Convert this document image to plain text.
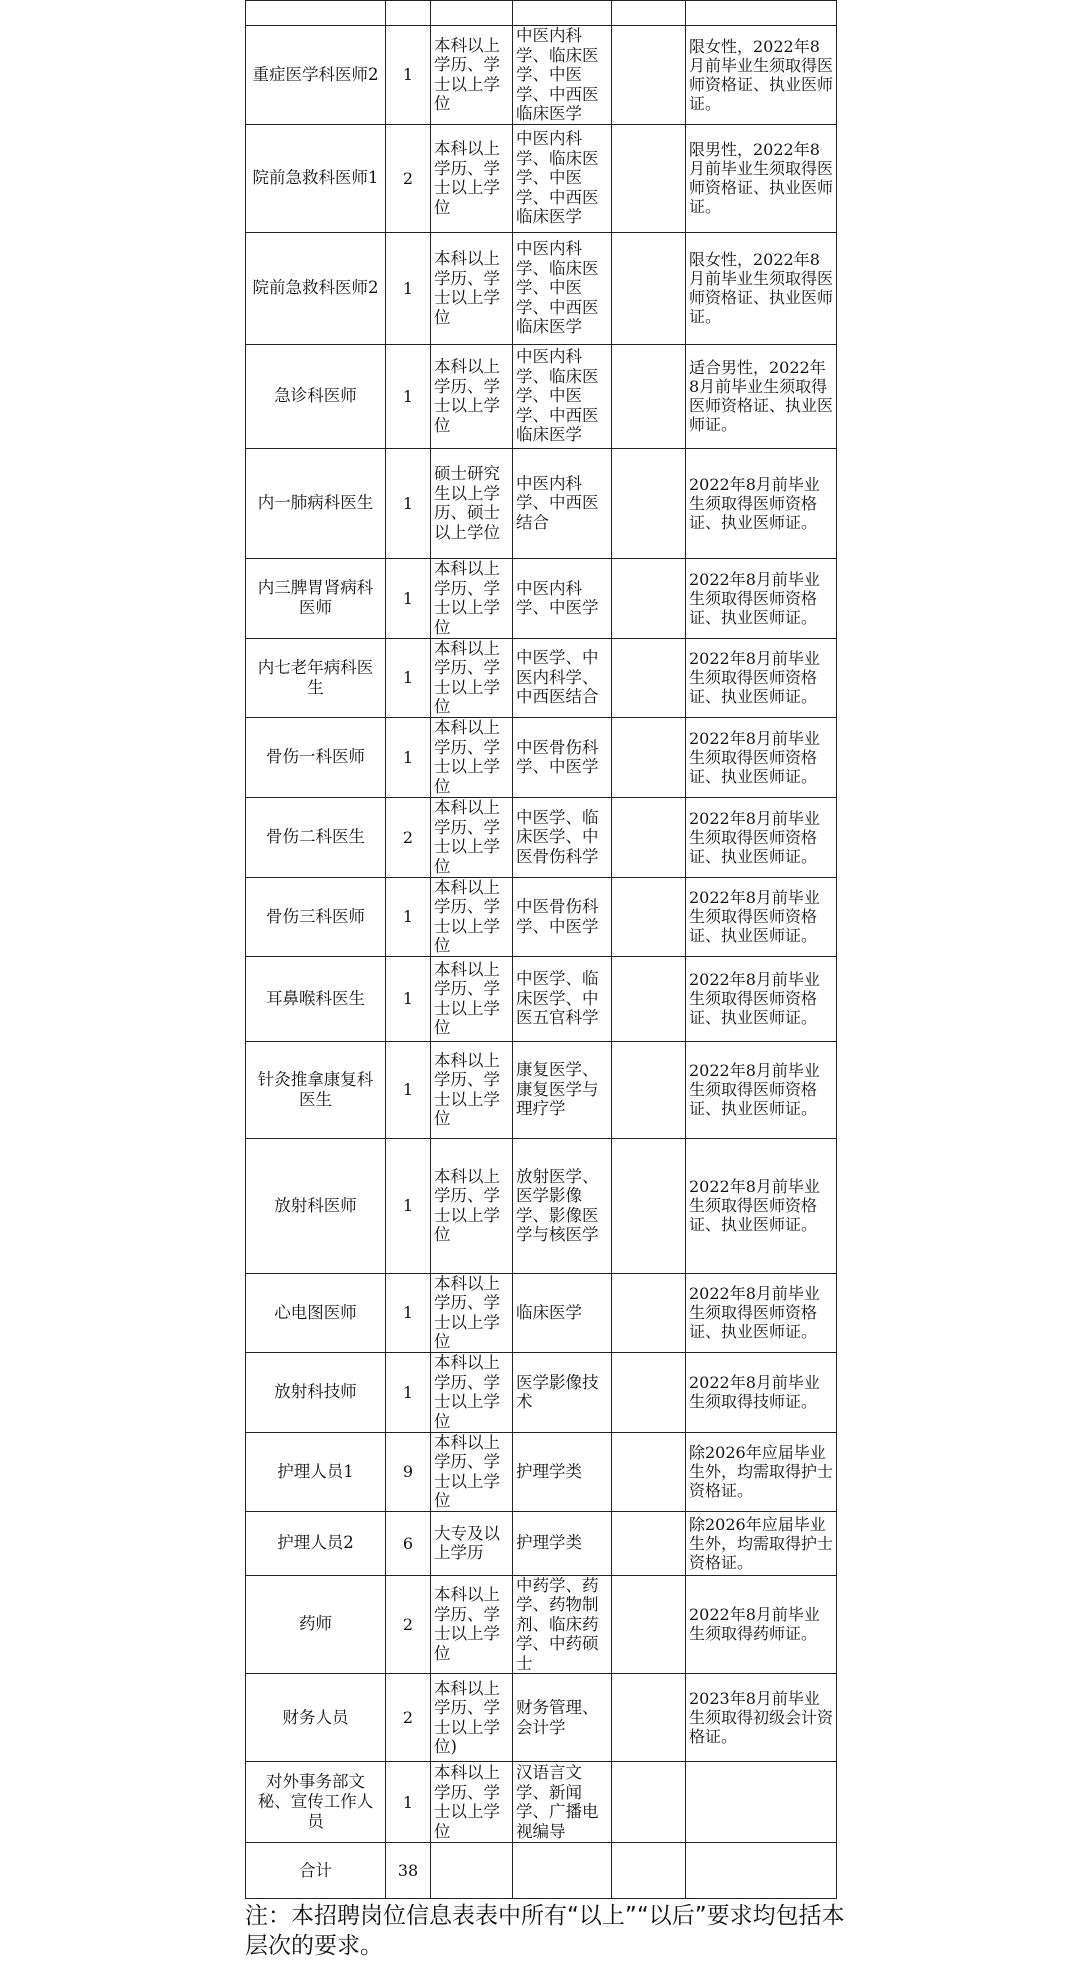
重症医学科医师2	1	本科以上学历、学士以上学位	中医内科学、临床医学、中医学、中西医临床医学		限女性，2022年8月前毕业生须取得医师资格证、执业医师证。
院前急救科医师1	2	本科以上学历、学士以上学位	中医内科学、临床医学、中医学、中西医临床医学		限男性，2022年8月前毕业生须取得医师资格证、执业医师证。
院前急救科医师2	1	本科以上学历、学士以上学位	中医内科学、临床医学、中医学、中西医临床医学		限女性，2022年8月前毕业生须取得医师资格证、执业医师证。
急诊科医师	1	本科以上学历、学士以上学位	中医内科学、临床医学、中医学、中西医临床医学		适合男性，2022年8月前毕业生须取得医师资格证、执业医师证。
内一肺病科医生	1	硕士研究生以上学历、硕士以上学位	中医内科学、中西医结合		2022年8月前毕业生须取得医师资格证、执业医师证。
内三脾胃肾病科医师	1	本科以上学历、学士以上学位	中医内科学、中医学		2022年8月前毕业生须取得医师资格证、执业医师证。
内七老年病科医生	1	本科以上学历、学士以上学位	中医学、中医内科学、中西医结合		2022年8月前毕业生须取得医师资格证、执业医师证。
骨伤一科医师	1	本科以上学历、学士以上学位	中医骨伤科学、中医学		2022年8月前毕业生须取得医师资格证、执业医师证。
骨伤二科医生	2	本科以上学历、学士以上学位	中医学、临床医学、中医骨伤科学		2022年8月前毕业生须取得医师资格证、执业医师证。
骨伤三科医师	1	本科以上学历、学士以上学位	中医骨伤科学、中医学		2022年8月前毕业生须取得医师资格证、执业医师证。
耳鼻喉科医生	1	本科以上学历、学士以上学位	中医学、临床医学、中医五官科学		2022年8月前毕业生须取得医师资格证、执业医师证。
针灸推拿康复科医生	1	本科以上学历、学士以上学位	康复医学、康复医学与理疗学		2022年8月前毕业生须取得医师资格证、执业医师证。
放射科医师	1	本科以上学历、学士以上学位	放射医学、医学影像学、影像医学与核医学		2022年8月前毕业生须取得医师资格证、执业医师证。
心电图医师	1	本科以上学历、学士以上学位	临床医学		2022年8月前毕业生须取得医师资格证、执业医师证。
放射科技师	1	本科以上学历、学士以上学位	医学影像技术		2022年8月前毕业生须取得技师证。
护理人员1	9	本科以上学历、学士以上学位	护理学类		除2026年应届毕业生外，均需取得护士资格证。
护理人员2	6	大专及以上学历	护理学类		除2026年应届毕业生外，均需取得护士资格证。
药师	2	本科以上学历、学士以上学位	中药学、药学、药物制剂、临床药学、中药硕士		2022年8月前毕业生须取得药师证。
财务人员	2	本科以上学历、学士以上学位)	财务管理、会计学		2023年8月前毕业生须取得初级会计资格证。
对外事务部文秘、宣传工作人员	1	本科以上学历、学士以上学位	汉语言文学、新闻学、广播电视编导		
合计	38				
注：本招聘岗位信息表表中所有“以上”“以后”要求均包括本层次的要求。
